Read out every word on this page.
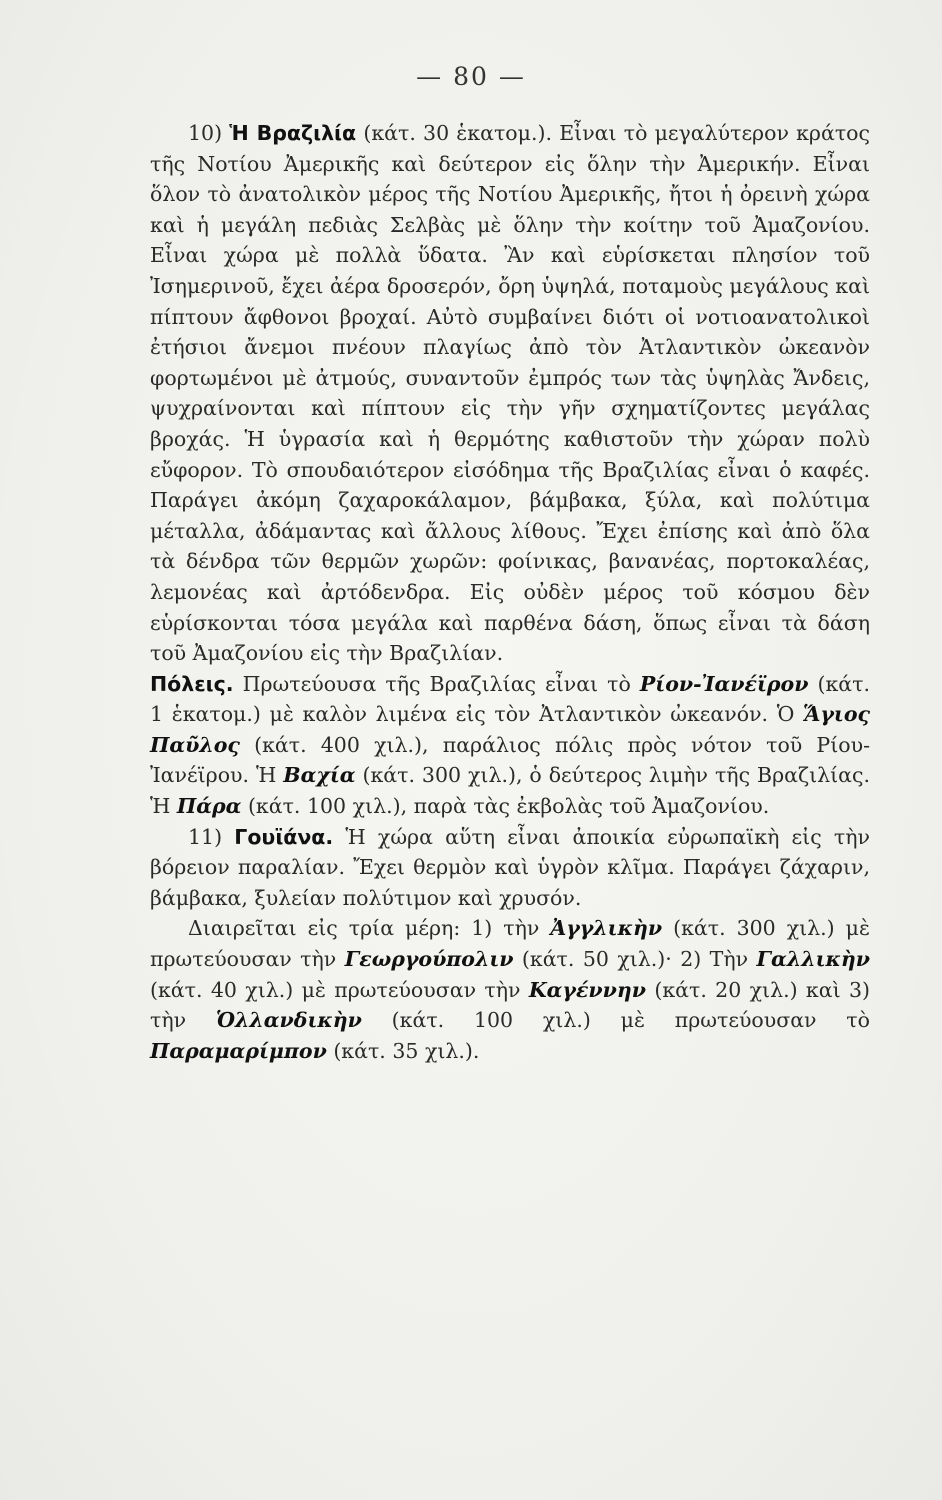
— 80 —

10) Ἡ Βραζιλία (κάτ. 30 ἑκατομ.). Εἶναι τὸ μεγαλύτερον κράτος τῆς Νοτίου Ἀμερικῆς καὶ δεύτερον εἰς ὅλην τὴν Ἀμερικήν. Εἶναι ὅλον τὸ ἀνατολικὸν μέρος τῆς Νοτίου Ἀμερικῆς, ἤτοι ἡ ὀρεινὴ χώρα καὶ ἡ μεγάλη πεδιὰς Σελβὰς μὲ ὅλην τὴν κοίτην τοῦ Ἀμαζονίου. Εἶναι χώρα μὲ πολλὰ ὕδατα. Ἂν καὶ εὑρίσκεται πλησίον τοῦ Ἰσημερινοῦ, ἔχει ἀέρα δροσερόν, ὄρη ὑψηλά, ποταμοὺς μεγάλους καὶ πίπτουν ἄφθονοι βροχαί. Αὐτὸ συμβαίνει διότι οἱ νοτιοανατολικοὶ ἐτήσιοι ἄνεμοι πνέουν πλαγίως ἀπὸ τὸν Ἀτλαντικὸν ὠκεανὸν φορτωμένοι μὲ ἀτμούς, συναντοῦν ἐμπρός των τὰς ὑψηλὰς Ἄνδεις, ψυχραίνονται καὶ πίπτουν εἰς τὴν γῆν σχηματίζοντες μεγάλας βροχάς. Ἡ ὑγρασία καὶ ἡ θερμότης καθιστοῦν τὴν χώραν πολὺ εὔφορον. Τὸ σπουδαιότερον εἰσόδημα τῆς Βραζιλίας εἶναι ὁ καφές. Παράγει ἀκόμη ζαχαροκάλαμον, βάμβακα, ξύλα, καὶ πολύτιμα μέταλλα, ἀδάμαντας καὶ ἄλλους λίθους. Ἔχει ἐπίσης καὶ ἀπὸ ὅλα τὰ δένδρα τῶν θερμῶν χωρῶν: φοίνικας, βανανέας, πορτοκαλέας, λεμονέας καὶ ἀρτόδενδρα. Εἰς οὐδὲν μέρος τοῦ κόσμου δὲν εὑρίσκονται τόσα μεγάλα καὶ παρθένα δάση, ὅπως εἶναι τὰ δάση τοῦ Ἀμαζονίου εἰς τὴν Βραζιλίαν.

Πόλεις. Πρωτεύουσα τῆς Βραζιλίας εἶναι τὸ Ρίον-Ἰανέϊρον (κάτ. 1 ἑκατομ.) μὲ καλὸν λιμένα εἰς τὸν Ἀτλαντικὸν ὠκεανόν. Ὁ Ἅγιος Παῦλος (κάτ. 400 χιλ.), παράλιος πόλις πρὸς νότον τοῦ Ρίου-Ἰανέϊρου. Ἡ Βαχία (κάτ. 300 χιλ.), ὁ δεύτερος λιμὴν τῆς Βραζιλίας. Ἡ Πάρα (κάτ. 100 χιλ.), παρὰ τὰς ἐκβολὰς τοῦ Ἀμαζονίου.

11) Γουϊάνα. Ἡ χώρα αὕτη εἶναι ἀποικία εὐρωπαϊκὴ εἰς τὴν βόρειον παραλίαν. Ἔχει θερμὸν καὶ ὑγρὸν κλῖμα. Παράγει ζάχαριν, βάμβακα, ξυλείαν πολύτιμον καὶ χρυσόν.

Διαιρεῖται εἰς τρία μέρη: 1) τὴν Ἀγγλικὴν (κάτ. 300 χιλ.) μὲ πρωτεύουσαν τὴν Γεωργούπολιν (κάτ. 50 χιλ.)· 2) Τὴν Γαλλικὴν (κάτ. 40 χιλ.) μὲ πρωτεύουσαν τὴν Καγέννην (κάτ. 20 χιλ.) καὶ 3) τὴν Ὁλλανδικὴν (κάτ. 100 χιλ.) μὲ πρωτεύουσαν τὸ Παραμαρίμπον (κάτ. 35 χιλ.).
